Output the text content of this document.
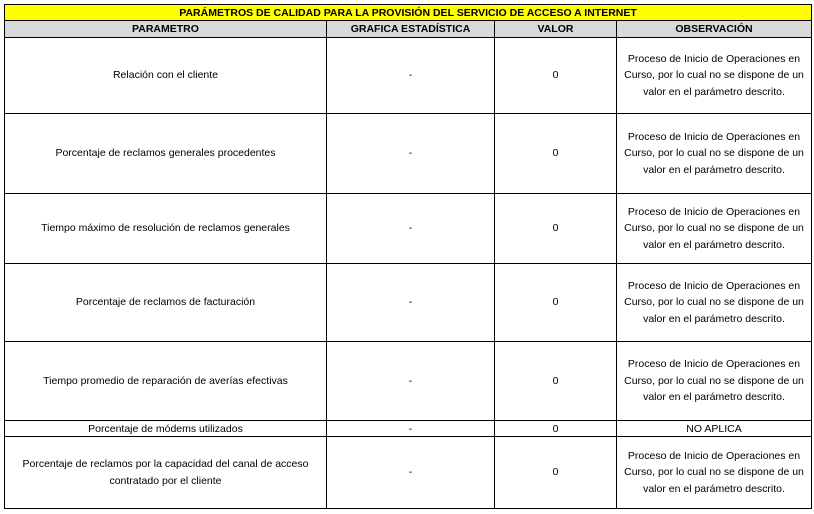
PARÁMETROS DE CALIDAD PARA LA PROVISIÓN DEL SERVICIO DE ACCESO A INTERNET			
PARAMETRO	GRAFICA ESTADÍSTICA	VALOR	OBSERVACIÓN
Relación con el cliente	-	0	Proceso de Inicio de Operaciones en Curso, por lo cual no se dispone de un valor en el parámetro descrito.
Porcentaje de reclamos generales procedentes	-	0	Proceso de Inicio de Operaciones en Curso, por lo cual no se dispone de un valor en el parámetro descrito.
Tiempo máximo de resolución de reclamos generales	-	0	Proceso de Inicio de Operaciones en Curso, por lo cual no se dispone de un valor en el parámetro descrito.
Porcentaje de reclamos de facturación	-	0	Proceso de Inicio de Operaciones en Curso, por lo cual no se dispone de un valor en el parámetro descrito.
Tiempo promedio de reparación de averías efectivas	-	0	Proceso de Inicio de Operaciones en Curso, por lo cual no se dispone de un valor en el parámetro descrito.
Porcentaje de módems utilizados	-	0	NO APLICA
Porcentaje de reclamos por la capacidad del canal de acceso contratado por el cliente	-	0	Proceso de Inicio de Operaciones en Curso, por lo cual no se dispone de un valor en el parámetro descrito.
